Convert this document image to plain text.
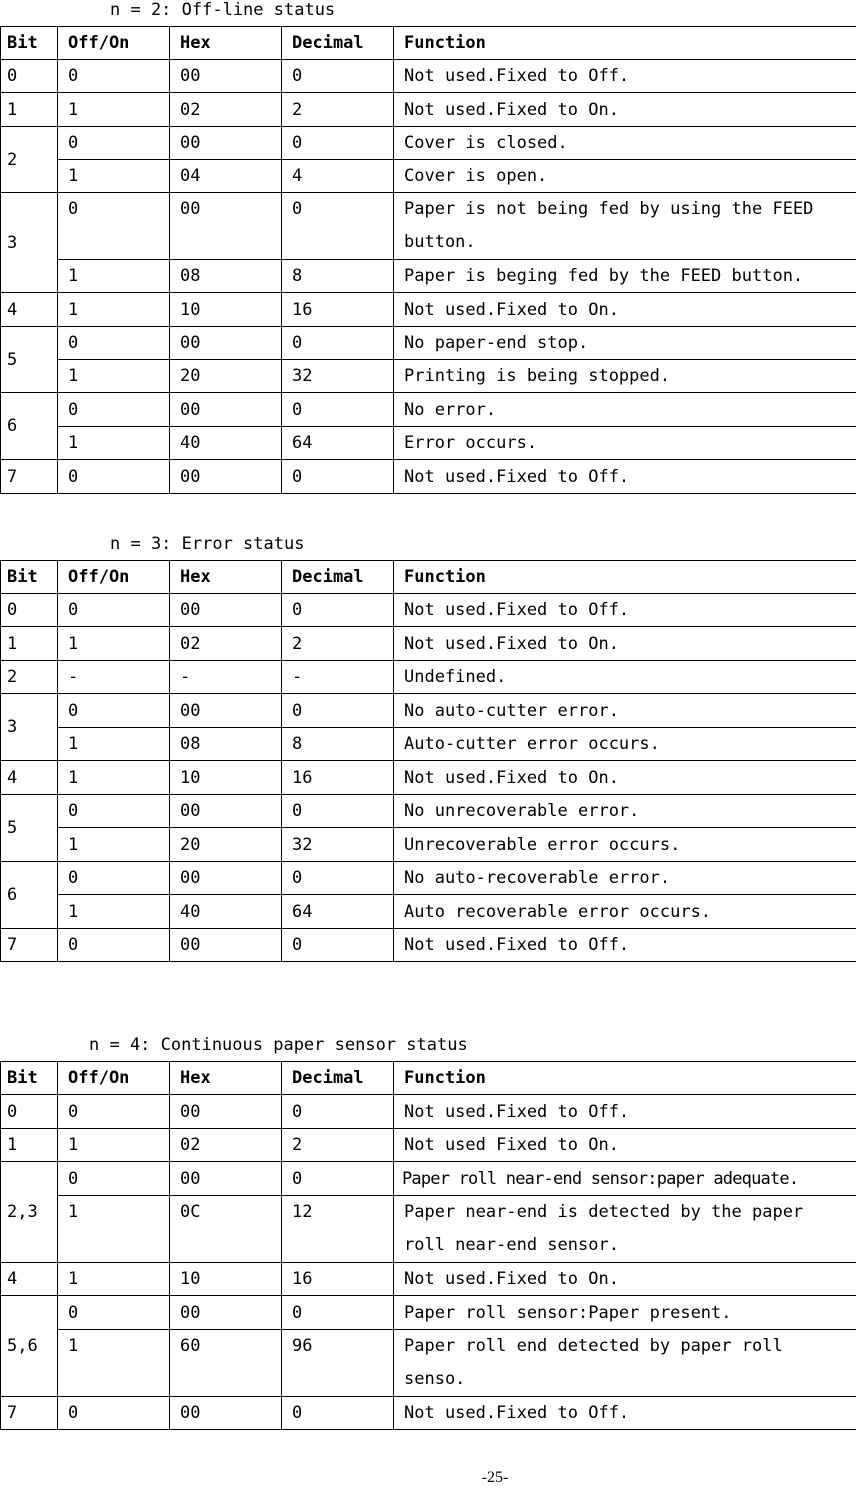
n = 2: Off-line status
Bit	Off/On	Hex	Decimal	Function
0	0	00	0	Not used.Fixed to Off.
1	1	02	2	Not used.Fixed to On.
2	0	00	0	Cover is closed.
	1	04	4	Cover is open.
3	0	00	0	Paper is not being fed by using the FEED button.
	1	08	8	Paper is beging fed by the FEED button.
4	1	10	16	Not used.Fixed to On.
5	0	00	0	No paper-end stop.
	1	20	32	Printing is being stopped.
6	0	00	0	No error.
	1	40	64	Error occurs.
7	0	00	0	Not used.Fixed to Off.
n = 3: Error status
Bit	Off/On	Hex	Decimal	Function
0	0	00	0	Not used.Fixed to Off.
1	1	02	2	Not used.Fixed to On.
2	-	-	-	Undefined.
3	0	00	0	No auto-cutter error.
	1	08	8	Auto-cutter error occurs.
4	1	10	16	Not used.Fixed to On.
5	0	00	0	No unrecoverable error.
	1	20	32	Unrecoverable error occurs.
6	0	00	0	No auto-recoverable error.
	1	40	64	Auto recoverable error occurs.
7	0	00	0	Not used.Fixed to Off.
n = 4: Continuous paper sensor status
Bit	Off/On	Hex	Decimal	Function
0	0	00	0	Not used.Fixed to Off.
1	1	02	2	Not used Fixed to On.
2,3	0	00	0	Paper roll near-end sensor:paper adequate.
	1	0C	12	Paper near-end is detected by the paper roll near-end sensor.
4	1	10	16	Not used.Fixed to On.
5,6	0	00	0	Paper roll sensor:Paper present.
	1	60	96	Paper roll end detected by paper roll senso.
7	0	00	0	Not used.Fixed to Off.
-25-
